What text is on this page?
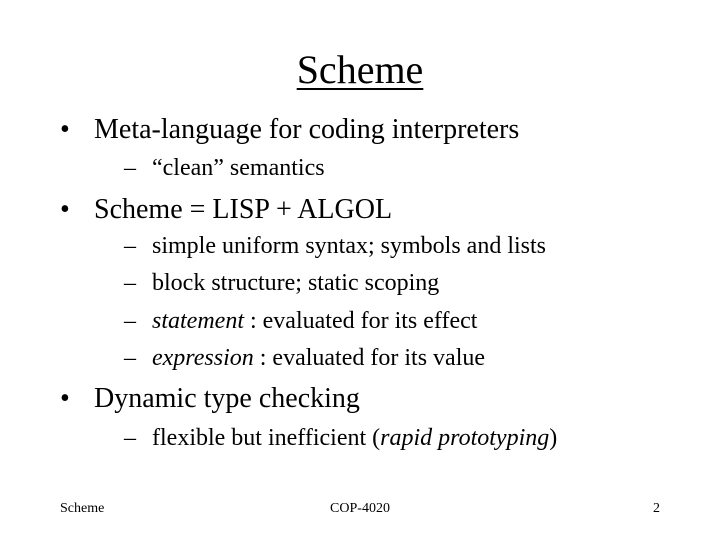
Scheme
• Meta-language for coding interpreters
– “clean” semantics
• Scheme = LISP + ALGOL
– simple uniform syntax; symbols and lists
– block structure; static scoping
– statement : evaluated for its effect
– expression : evaluated for its value
• Dynamic type checking
– flexible but inefficient (rapid prototyping)
Scheme	COP-4020	2
